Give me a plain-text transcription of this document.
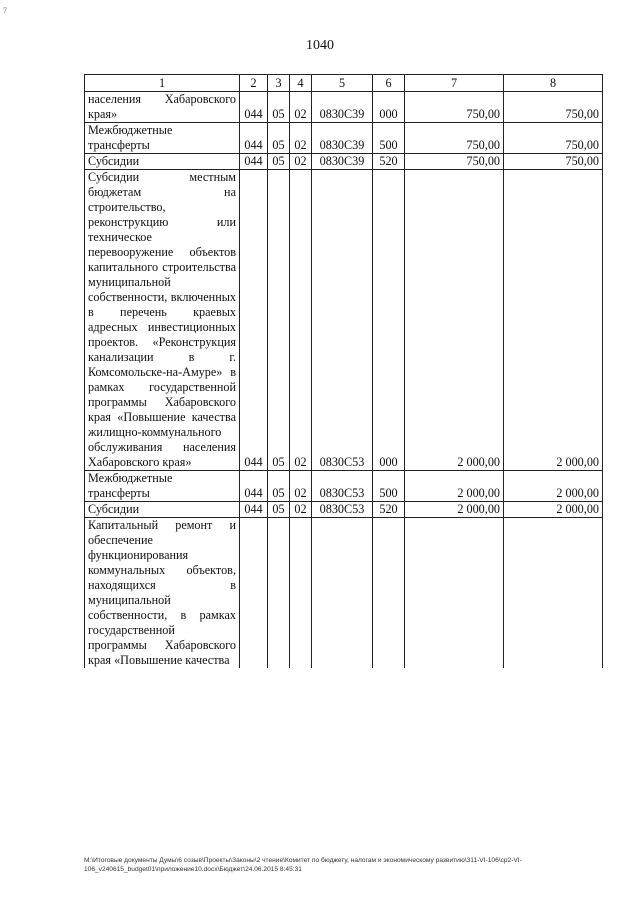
7
1040
1	2	3	4	5	6	7	8
населения Хабаровского края»	044	05	02	0830С39	000	750,00	750,00
Межбюджетные трансферты	044	05	02	0830С39	500	750,00	750,00
Субсидии	044	05	02	0830С39	520	750,00	750,00
Субсидии местным бюджетам на строительство, реконструкцию или техническое перевооружение объектов капитального строительства муниципальной собственности, включенных в перечень краевых адресных инвестиционных проектов. «Реконструкция канализации в г. Комсомольске-на-Амуре» в рамках государственной программы Хабаровского края «Повышение качества жилищно-коммунального обслуживания населения Хабаровского края»	044	05	02	0830С53	000	2 000,00	2 000,00
Межбюджетные трансферты	044	05	02	0830С53	500	2 000,00	2 000,00
Субсидии	044	05	02	0830С53	520	2 000,00	2 000,00
Капитальный ремонт и обеспечение функционирования коммунальных объектов, находящихся в муниципальной собственности, в рамках государственной программы Хабаровского края «Повышение качества							
M:\Итоговые документы Думы\6 созыв\Проекты\Законы\2 чтение\Комитет по бюджету, налогам и экономическому развитию\311-VI-106\ср2-VI-106_v240615_budget01\приложение10.docx\Бюджет\24.06.2015 8:45:31
